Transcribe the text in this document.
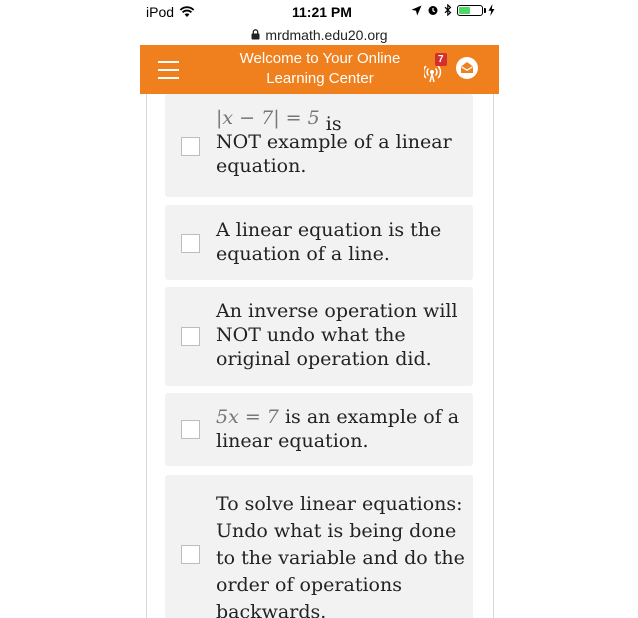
iPod	11:21 PM
mrdmath.edu20.org
Welcome to Your Online
Learning Center
7
|x − 7| = 5 is
NOT example of a linear
equation.
A linear equation is the
equation of a line.
An inverse operation will
NOT undo what the
original operation did.
5x = 7 is an example of a
linear equation.
To solve linear equations:
Undo what is being done
to the variable and do the
order of operations
backwards.
